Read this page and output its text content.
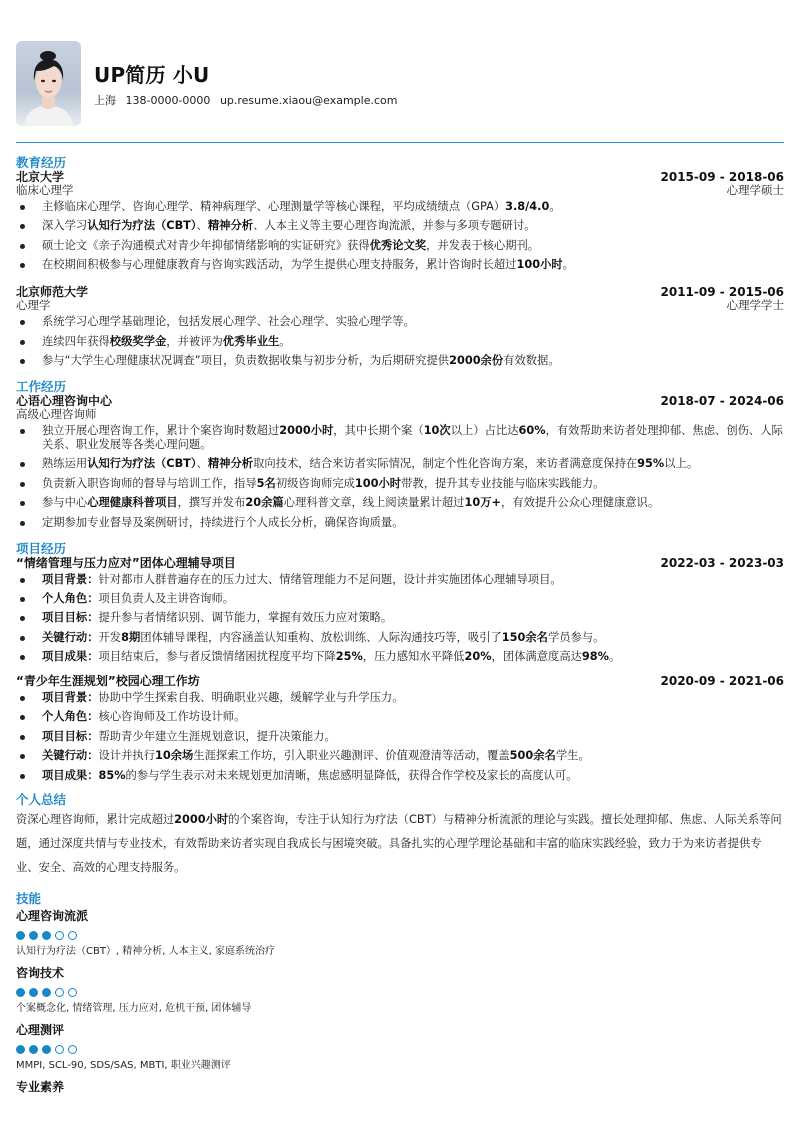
UP简历 小U
上海 138-0000-0000 up.resume.xiaou@example.com
教育经历
北京大学
临床心理学
2015-09 - 2018-06
心理学硕士
主修临床心理学、咨询心理学、精神病理学、心理测量学等核心课程，平均成绩绩点（GPA）3.8/4.0。
深入学习认知行为疗法（CBT）、精神分析、人本主义等主要心理咨询流派，并参与多项专题研讨。
硕士论文《亲子沟通模式对青少年抑郁情绪影响的实证研究》获得优秀论文奖，并发表于核心期刊。
在校期间积极参与心理健康教育与咨询实践活动，为学生提供心理支持服务，累计咨询时长超过100小时。
北京师范大学
心理学
2011-09 - 2015-06
心理学学士
系统学习心理学基础理论，包括发展心理学、社会心理学、实验心理学等。
连续四年获得校级奖学金，并被评为优秀毕业生。
参与“大学生心理健康状况调查”项目，负责数据收集与初步分析，为后期研究提供2000余份有效数据。
工作经历
心语心理咨询中心
高级心理咨询师
2018-07 - 2024-06
独立开展心理咨询工作，累计个案咨询时数超过2000小时，其中长期个案（10次以上）占比达60%，有效帮助来访者处理抑郁、焦虑、创伤、人际关系、职业发展等各类心理问题。
熟练运用认知行为疗法（CBT）、精神分析取向技术，结合来访者实际情况，制定个性化咨询方案，来访者满意度保持在95%以上。
负责新入职咨询师的督导与培训工作，指导5名初级咨询师完成100小时带教，提升其专业技能与临床实践能力。
参与中心心理健康科普项目，撰写并发布20余篇心理科普文章，线上阅读量累计超过10万+，有效提升公众心理健康意识。
定期参加专业督导及案例研讨，持续进行个人成长分析，确保咨询质量。
项目经历
“情绪管理与压力应对”团体心理辅导项目	2022-03 - 2023-03
项目背景：针对都市人群普遍存在的压力过大、情绪管理能力不足问题，设计并实施团体心理辅导项目。
个人角色：项目负责人及主讲咨询师。
项目目标：提升参与者情绪识别、调节能力，掌握有效压力应对策略。
关键行动：开发8期团体辅导课程，内容涵盖认知重构、放松训练、人际沟通技巧等，吸引了150余名学员参与。
项目成果：项目结束后，参与者反馈情绪困扰程度平均下降25%，压力感知水平降低20%，团体满意度高达98%。
“青少年生涯规划”校园心理工作坊	2020-09 - 2021-06
项目背景：协助中学生探索自我、明确职业兴趣，缓解学业与升学压力。
个人角色：核心咨询师及工作坊设计师。
项目目标：帮助青少年建立生涯规划意识，提升决策能力。
关键行动：设计并执行10余场生涯探索工作坊，引入职业兴趣测评、价值观澄清等活动，覆盖500余名学生。
项目成果：85%的参与学生表示对未来规划更加清晰，焦虑感明显降低，获得合作学校及家长的高度认可。
个人总结
资深心理咨询师，累计完成超过2000小时的个案咨询，专注于认知行为疗法（CBT）与精神分析流派的理论与实践。擅长处理抑郁、焦虑、人际关系等问题，通过深度共情与专业技术，有效帮助来访者实现自我成长与困境突破。具备扎实的心理学理论基础和丰富的临床实践经验，致力于为来访者提供专业、安全、高效的心理支持服务。
技能
心理咨询流派
认知行为疗法（CBT）, 精神分析, 人本主义, 家庭系统治疗
咨询技术
个案概念化, 情绪管理, 压力应对, 危机干预, 团体辅导
心理测评
MMPI, SCL-90, SDS/SAS, MBTI, 职业兴趣测评
专业素养
